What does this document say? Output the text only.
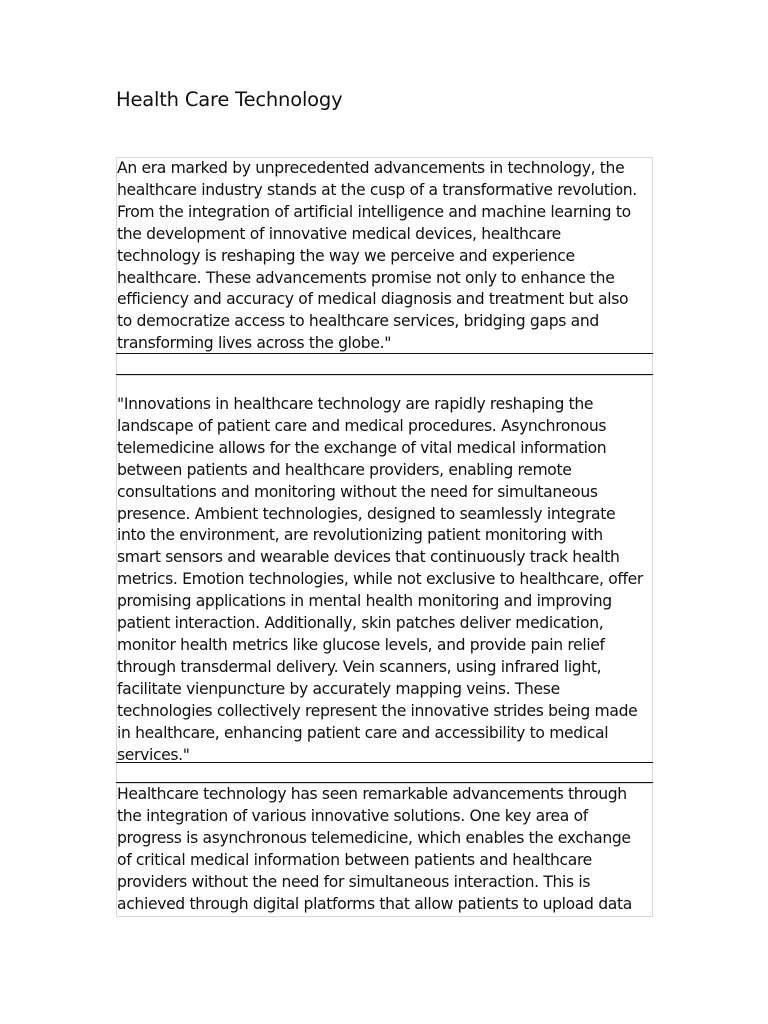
Health Care Technology
An era marked by unprecedented advancements in technology, the
healthcare industry stands at the cusp of a transformative revolution.
From the integration of artificial intelligence and machine learning to
the development of innovative medical devices, healthcare
technology is reshaping the way we perceive and experience
healthcare. These advancements promise not only to enhance the
efficiency and accuracy of medical diagnosis and treatment but also
to democratize access to healthcare services, bridging gaps and
transforming lives across the globe."
"Innovations in healthcare technology are rapidly reshaping the
landscape of patient care and medical procedures. Asynchronous
telemedicine allows for the exchange of vital medical information
between patients and healthcare providers, enabling remote
consultations and monitoring without the need for simultaneous
presence. Ambient technologies, designed to seamlessly integrate
into the environment, are revolutionizing patient monitoring with
smart sensors and wearable devices that continuously track health
metrics. Emotion technologies, while not exclusive to healthcare, offer
promising applications in mental health monitoring and improving
patient interaction. Additionally, skin patches deliver medication,
monitor health metrics like glucose levels, and provide pain relief
through transdermal delivery. Vein scanners, using infrared light,
facilitate vienpuncture by accurately mapping veins. These
technologies collectively represent the innovative strides being made
in healthcare, enhancing patient care and accessibility to medical
services."
Healthcare technology has seen remarkable advancements through
the integration of various innovative solutions. One key area of
progress is asynchronous telemedicine, which enables the exchange
of critical medical information between patients and healthcare
providers without the need for simultaneous interaction. This is
achieved through digital platforms that allow patients to upload data
